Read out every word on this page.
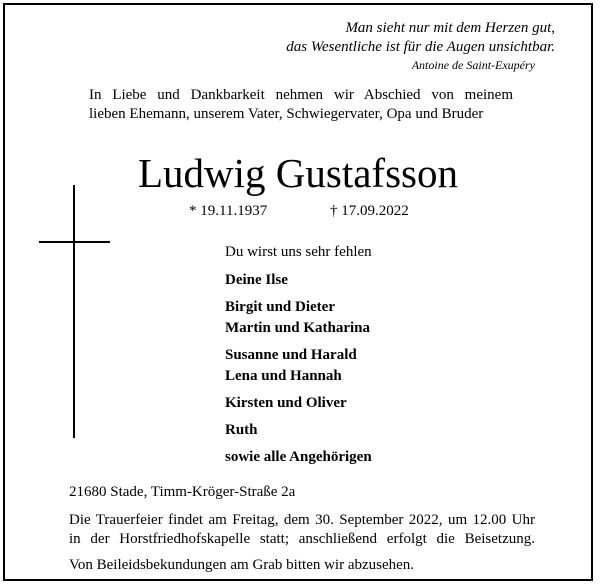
Man sieht nur mit dem Herzen gut,
das Wesentliche ist für die Augen unsichtbar.
Antoine de Saint-Exupéry
In Liebe und Dankbarkeit nehmen wir Abschied von meinem
lieben Ehemann, unserem Vater, Schwiegervater, Opa und Bruder
Ludwig Gustafsson
* 19.11.1937	† 17.09.2022
Du wirst uns sehr fehlen
Deine Ilse
Birgit und Dieter
Martin und Katharina
Susanne und Harald
Lena und Hannah
Kirsten und Oliver
Ruth
sowie alle Angehörigen
21680 Stade, Timm-Kröger-Straße 2a
Die Trauerfeier findet am Freitag, dem 30. September 2022, um 12.00 Uhr
in der Horstfriedhofskapelle statt; anschließend erfolgt die Beisetzung.
Von Beileidsbekundungen am Grab bitten wir abzusehen.
